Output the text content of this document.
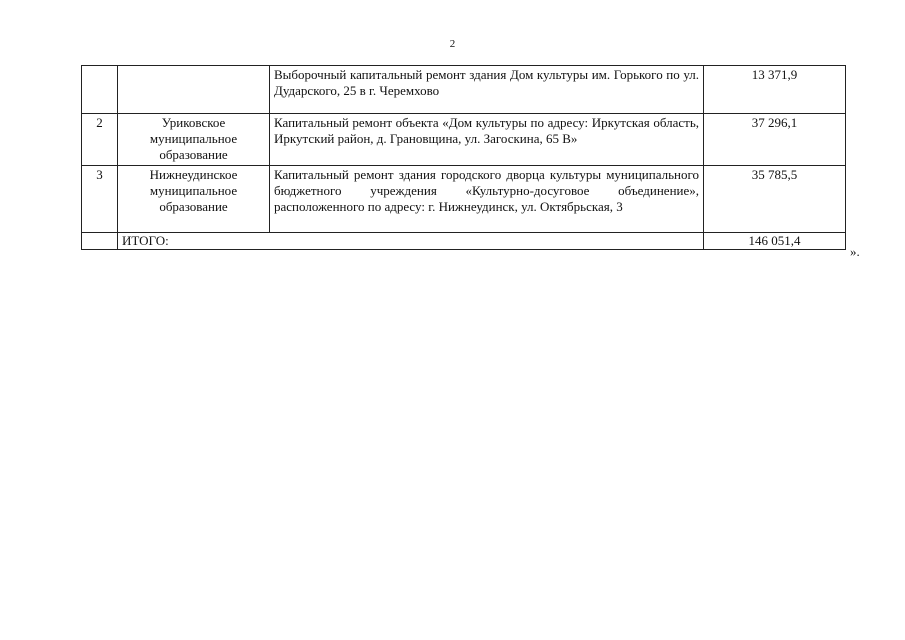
2
		Выборочный капитальный ремонт здания Дом культуры им. Горького по ул. Дударского, 25 в г. Черемхово	13 371,9
2	Уриковское муниципальное образование	Капитальный ремонт объекта «Дом культуры по адресу: Иркутская область, Иркутский район, д. Грановщина, ул. Загоскина, 65 В»	37 296,1
3	Нижнеудинское муниципальное образование	Капитальный ремонт здания городского дворца культуры муниципального бюджетного учреждения «Культурно-досуговое объединение», расположенного по адресу: г. Нижнеудинск, ул. Октябрьская, 3	35 785,5
	ИТОГО:		146 051,4
».
